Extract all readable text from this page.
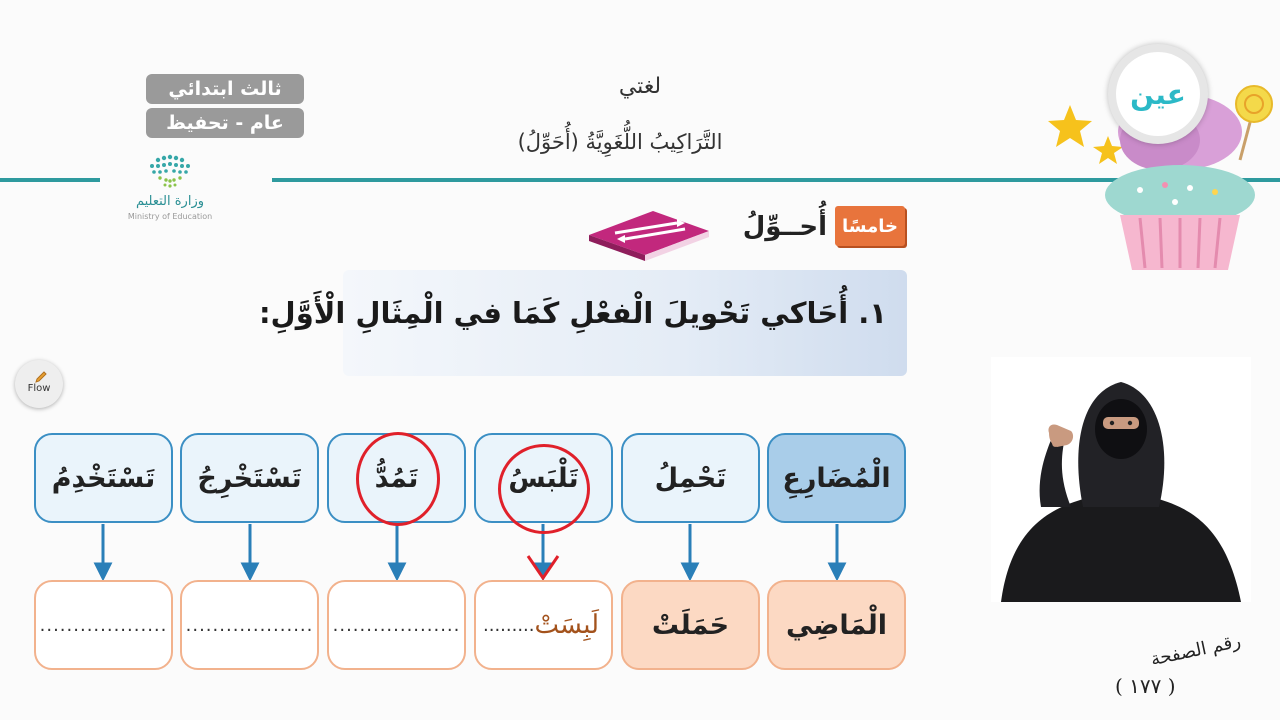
ثالث ابتدائي
عام - تحفيظ
لغتي
التَّرَاكِيبُ اللُّغَوِيَّةُ (أُحَوِّلُ)
وزارة التعليم
Ministry of Education
عين
خامسًا
أُحــوِّلُ
١. أُحَاكي تَحْويلَ الْفعْلِ كَمَا في الْمِثَالِ الْأَوَّلِ:
Flow
الْمُضَارِعِ
تَحْمِلُ
تَلْبَسُ
تَمُدُّ
تَسْتَخْرِجُ
تَسْتَخْدِمُ
الْمَاضِي
حَمَلَتْ
لَبِسَتْ
.........
...................
...................
...................
رقم الصفحة
( ١٧٧ )
